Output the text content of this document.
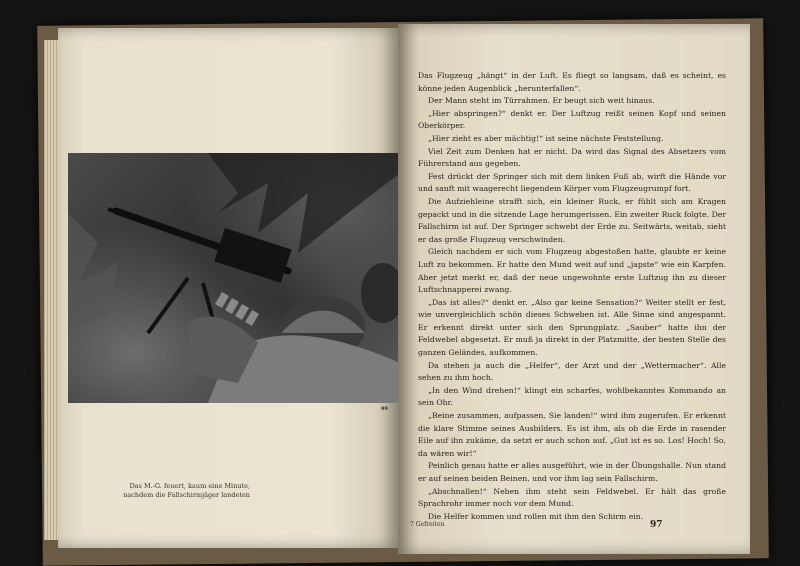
99
Das M.-G. feuert, kaum eine Minute, nachdem die Fallschirmjäger landeten

Das Flugzeug „hängt“ in der Luft. Es fliegt so langsam, daß es scheint, es könne jeden Augenblick „herunterfallen“.

Der Mann steht im Türrahmen. Er beugt sich weit hinaus.

„Hier abspringen?“ denkt er. Der Luftzug reißt seinen Kopf und seinen Oberkörper.

„Hier zieht es aber mächtig!“ ist seine nächste Feststellung.

Viel Zeit zum Denken hat er nicht. Da wird das Signal des Absetzers vom Führerstand aus gegeben.

Fest drückt der Springer sich mit dem linken Fuß ab, wirft die Hände vor und sanft mit waagerecht liegendem Körper vom Flugzeugrumpf fort.

Die Aufziehleine strafft sich, ein kleiner Ruck, er fühlt sich am Kragen gepackt und in die sitzende Lage herumgerissen. Ein zweiter Ruck folgte. Der Fallschirm ist auf. Der Springer schwebt der Erde zu. Seitwärts, weitab, sieht er das große Flugzeug verschwinden.

Gleich nachdem er sich vom Flugzeug abgestoßen hatte, glaubte er keine Luft zu bekommen. Er hatte den Mund weit auf und „japste“ wie ein Karpfen. Aber jetzt merkt er, daß der neue ungewohnte erste Luftzug ihn zu dieser Luftschnapperei zwang.

„Das ist alles?“ denkt er. „Also gar keine Sensation?“ Weiter stellt er fest, wie unvergleichlich schön dieses Schweben ist. Alle Sinne sind angespannt. Er erkennt direkt unter sich den Sprungplatz. „Sauber“ hatte ihn der Feldwebel abgesetzt. Er muß ja direkt in der Platzmitte, der besten Stelle des ganzen Geländes, aufkommen.

Da stehen ja auch die „Helfer“, der Arzt und der „Wettermacher“. Alle sehen zu ihm hoch.

„In den Wind drehen!“ klingt ein scharfes, wohlbekanntes Kommando an sein Ohr.

„Beine zusammen, aufpassen, Sie landen!“ wird ihm zugerufen. Er erkennt die klare Stimme seines Ausbilders. Es ist ihm, als ob die Erde in rasender Eile auf ihn zukäme, da setzt er auch schon auf. „Gut ist es so. Los! Hoch! So, da wären wir!“

Peinlich genau hatte er alles ausgeführt, wie in der Übungshalle. Nun stand er auf seinen beiden Beinen, und vor ihm lag sein Fallschirm.

„Abschnallen!“ Neben ihm steht sein Feldwebel. Er hält das große Sprachrohr immer noch vor dem Mund.

Die Helfer kommen und rollen mit ihm den Schirm ein.

7 Gefreiten	97
